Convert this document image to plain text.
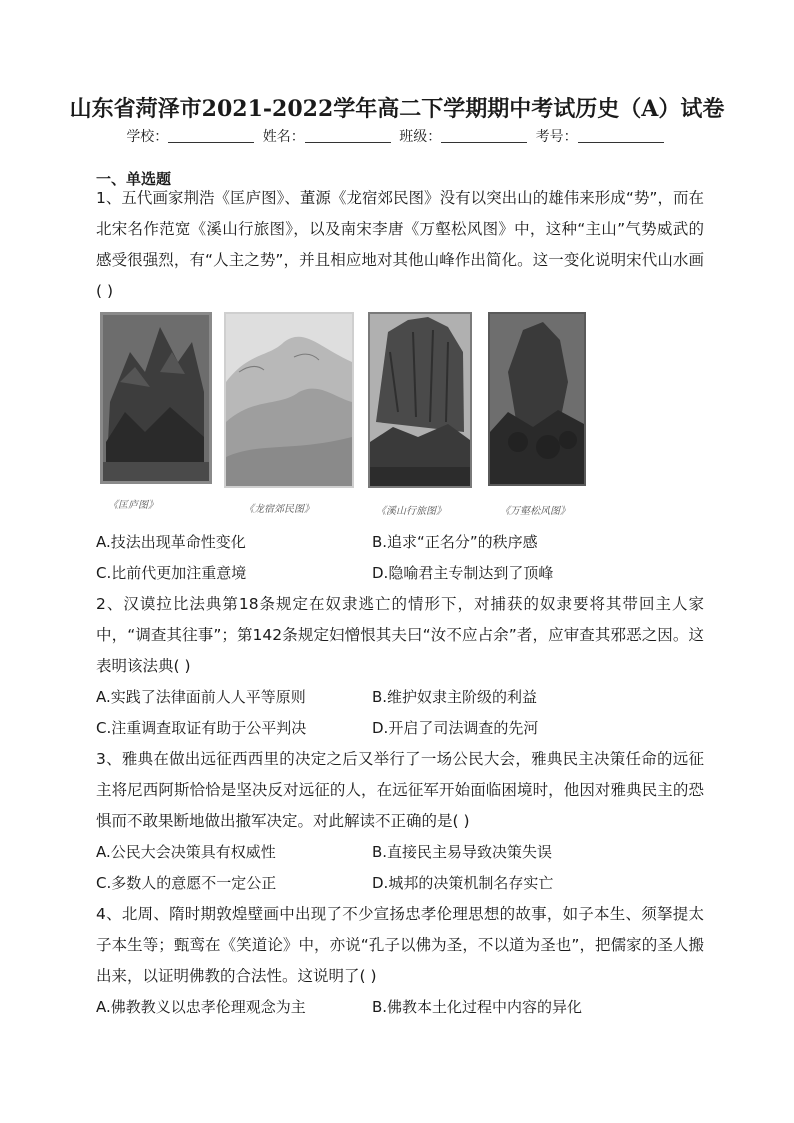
山东省菏泽市2021-2022学年高二下学期期中考试历史（A）试卷
学校：	姓名：	班级：	考号：
一、单选题
1、五代画家荆浩《匡庐图》、董源《龙宿郊民图》没有以突出山的雄伟来形成“势”，而在北宋名作范宽《溪山行旅图》，以及南宋李唐《万壑松风图》中，这种“主山”气势威武的感受很强烈，有“人主之势”，并且相应地对其他山峰作出简化。这一变化说明宋代山水画( )
《匡庐图》	《龙宿郊民图》	《溪山行旅图》	《万壑松风图》
A.技法出现革命性变化	B.追求“正名分”的秩序感
C.比前代更加注重意境	D.隐喻君主专制达到了顶峰
2、汉谟拉比法典第18条规定在奴隶逃亡的情形下，对捕获的奴隶要将其带回主人家中，“调查其往事”；第142条规定妇憎恨其夫曰“汝不应占余”者，应审查其邪恶之因。这表明该法典( )
A.实践了法律面前人人平等原则	B.维护奴隶主阶级的利益
C.注重调查取证有助于公平判决	D.开启了司法调查的先河
3、雅典在做出远征西西里的决定之后又举行了一场公民大会，雅典民主决策任命的远征主将尼西阿斯恰恰是坚决反对远征的人，在远征军开始面临困境时，他因对雅典民主的恐惧而不敢果断地做出撤军决定。对此解读不正确的是( )
A.公民大会决策具有权威性	B.直接民主易导致决策失误
C.多数人的意愿不一定公正	D.城邦的决策机制名存实亡
4、北周、隋时期敦煌壁画中出现了不少宣扬忠孝伦理思想的故事，如子本生、须拏提太子本生等；甄鸾在《笑道论》中，亦说“孔子以佛为圣，不以道为圣也”，把儒家的圣人搬出来，以证明佛教的合法性。这说明了( )
A.佛教教义以忠孝伦理观念为主	B.佛教本土化过程中内容的异化
